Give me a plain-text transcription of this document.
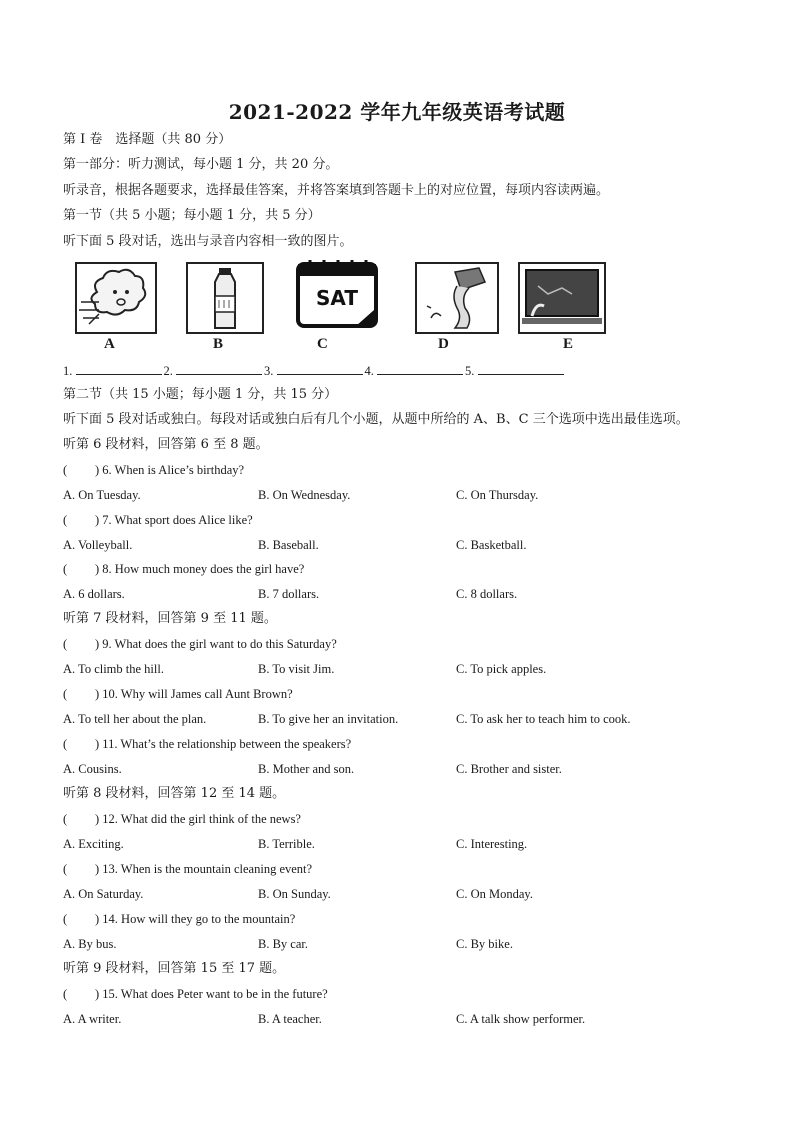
2021-2022 学年九年级英语考试题
第 I 卷　选择题（共 80 分）
第一部分：听力测试，每小题 1 分，共 20 分。
听录音，根据各题要求，选择最佳答案，并将答案填到答题卡上的对应位置，每项内容读两遍。
第一节（共 5 小题；每小题 1 分，共 5 分）
听下面 5 段对话，选出与录音内容相一致的图片。
SAT
A	B	C	D	E
1.	2.	3.	4.	5.
第二节（共 15 小题；每小题 1 分，共 15 分）
听下面 5 段对话或独白。每段对话或独白后有几个小题，从题中所给的 A、B、C 三个选项中选出最佳选项。
听第 6 段材料，回答第 6 至 8 题。
( ) 6. When is Alice’s birthday?
A. On Tuesday.	B. On Wednesday.	C. On Thursday.
( ) 7. What sport does Alice like?
A. Volleyball.	B. Baseball.	C. Basketball.
( ) 8. How much money does the girl have?
A. 6 dollars.	B. 7 dollars.	C. 8 dollars.
听第 7 段材料，回答第 9 至 11 题。
( ) 9. What does the girl want to do this Saturday?
A. To climb the hill.	B. To visit Jim.	C. To pick apples.
( ) 10. Why will James call Aunt Brown?
A. To tell her about the plan.	B. To give her an invitation.	C. To ask her to teach him to cook.
( ) 11. What’s the relationship between the speakers?
A. Cousins.	B. Mother and son.	C. Brother and sister.
听第 8 段材料，回答第 12 至 14 题。
( ) 12. What did the girl think of the news?
A. Exciting.	B. Terrible.	C. Interesting.
( ) 13. When is the mountain cleaning event?
A. On Saturday.	B. On Sunday.	C. On Monday.
( ) 14. How will they go to the mountain?
A. By bus.	B. By car.	C. By bike.
听第 9 段材料，回答第 15 至 17 题。
( ) 15. What does Peter want to be in the future?
A. A writer.	B. A teacher.	C. A talk show performer.
